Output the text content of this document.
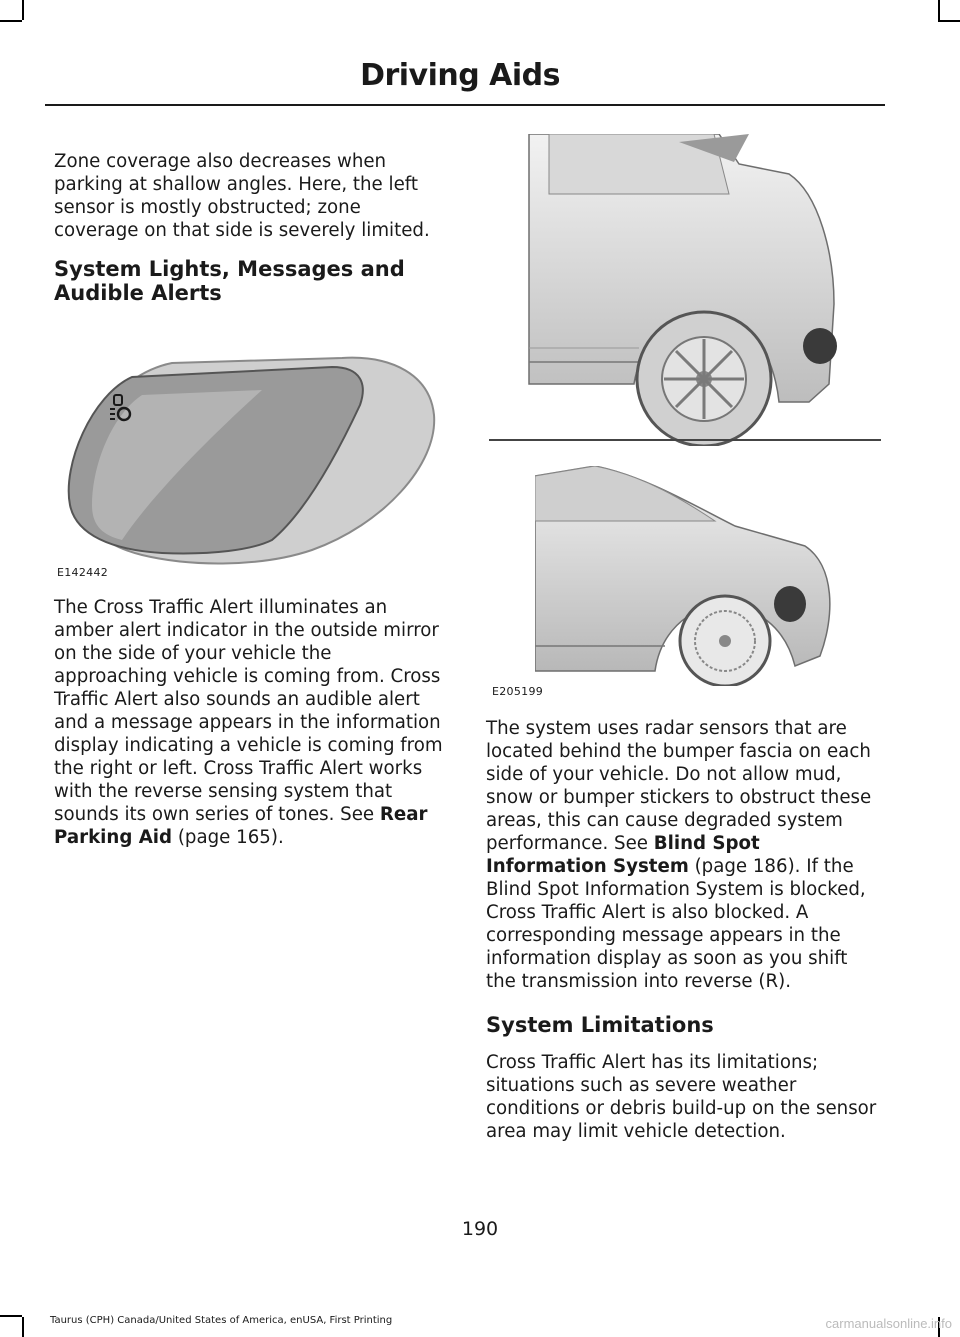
Driving Aids

Zone coverage also decreases when parking at shallow angles. Here, the left sensor is mostly obstructed; zone coverage on that side is severely limited.

System Lights, Messages and Audible Alerts
E142442

The Cross Traffic Alert illuminates an amber alert indicator in the outside mirror on the side of your vehicle the approaching vehicle is coming from. Cross Traffic Alert also sounds an audible alert and a message appears in the information display indicating a vehicle is coming from the right or left. Cross Traffic Alert works with the reverse sensing system that sounds its own series of tones. See Rear Parking Aid (page 165).

E205199

The system uses radar sensors that are located behind the bumper fascia on each side of your vehicle. Do not allow mud, snow or bumper stickers to obstruct these areas, this can cause degraded system performance. See Blind Spot Information System (page 186). If the Blind Spot Information System is blocked, Cross Traffic Alert is also blocked. A corresponding message appears in the information display as soon as you shift the transmission into reverse (R).

System Limitations

Cross Traffic Alert has its limitations; situations such as severe weather conditions or debris build-up on the sensor area may limit vehicle detection.

190
Taurus (CPH) Canada/United States of America, enUSA, First Printing	carmanualsonline.info
